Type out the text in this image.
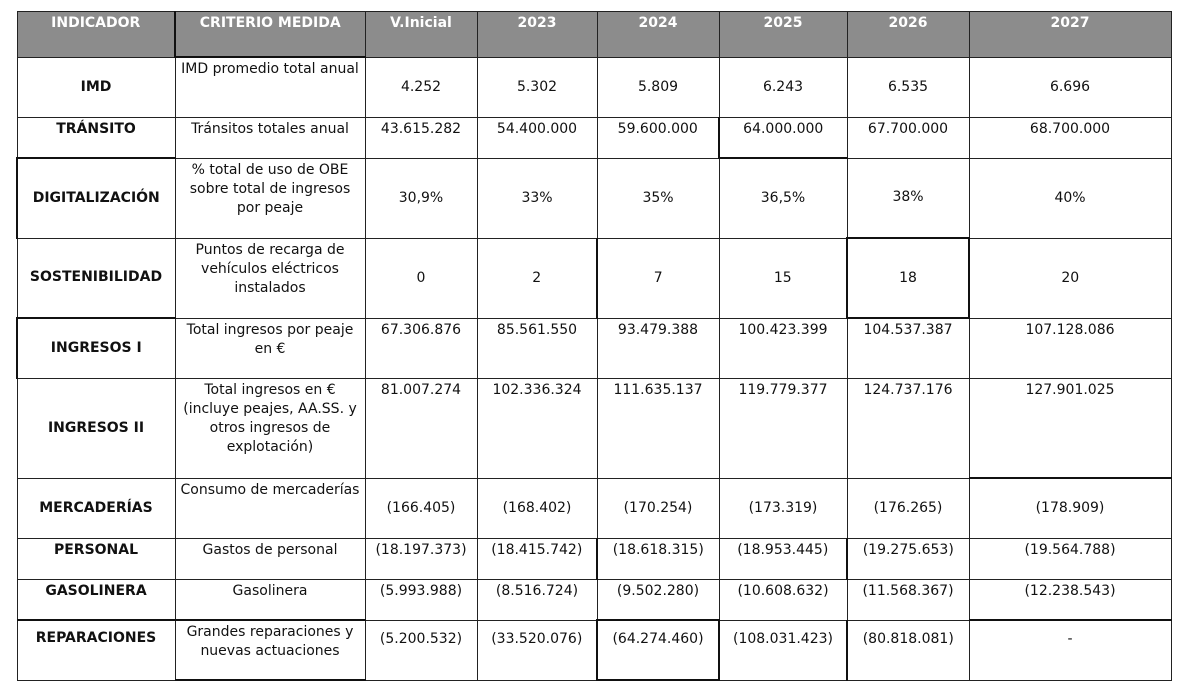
INDICADOR	CRITERIO MEDIDA	V.Inicial	2023	2024	2025	2026	2027
IMD	IMD promedio total anual	4.252	5.302	5.809	6.243	6.535	6.696
TRÁNSITO	Tránsitos totales anual	43.615.282	54.400.000	59.600.000	64.000.000	67.700.000	68.700.000
DIGITALIZACIÓN	% total de uso de OBE sobre total de ingresos por peaje	30,9%	33%	35%	36,5%	38%	40%
SOSTENIBILIDAD	Puntos de recarga de vehículos eléctricos instalados	0	2	7	15	18	20
INGRESOS I	Total ingresos por peaje en €	67.306.876	85.561.550	93.479.388	100.423.399	104.537.387	107.128.086
INGRESOS II	Total ingresos en € (incluye peajes, AA.SS. y otros ingresos de explotación)	81.007.274	102.336.324	111.635.137	119.779.377	124.737.176	127.901.025
MERCADERÍAS	Consumo de mercaderías	(166.405)	(168.402)	(170.254)	(173.319)	(176.265)	(178.909)
PERSONAL	Gastos de personal	(18.197.373)	(18.415.742)	(18.618.315)	(18.953.445)	(19.275.653)	(19.564.788)
GASOLINERA	Gasolinera	(5.993.988)	(8.516.724)	(9.502.280)	(10.608.632)	(11.568.367)	(12.238.543)
REPARACIONES	Grandes reparaciones y nuevas actuaciones	(5.200.532)	(33.520.076)	(64.274.460)	(108.031.423)	(80.818.081)	-
